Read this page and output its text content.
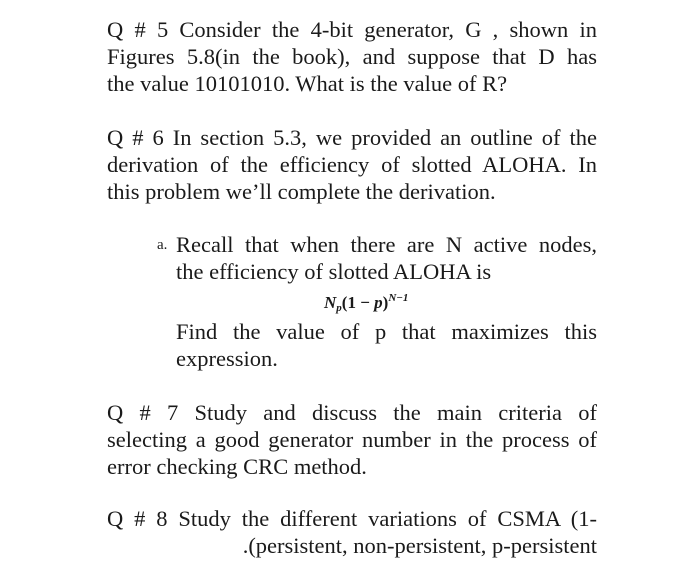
Q # 5 Consider the 4-bit generator, G , shown in
Figures 5.8(in the book), and suppose that D has
the value 10101010. What is the value of R?
Q # 6 In section 5.3, we provided an outline of the
derivation of the efficiency of slotted ALOHA. In
this problem we’ll complete the derivation.
a. Recall that when there are N active nodes,
the efficiency of slotted ALOHA is
$N_p(1 - p)^{N-1}$
Find the value of p that maximizes this
expression.
Q # 7 Study and discuss the main criteria of
selecting a good generator number in the process of
error checking CRC method.
Q # 8 Study the different variations of CSMA (1-
.(persistent, non-persistent, p-persistent
